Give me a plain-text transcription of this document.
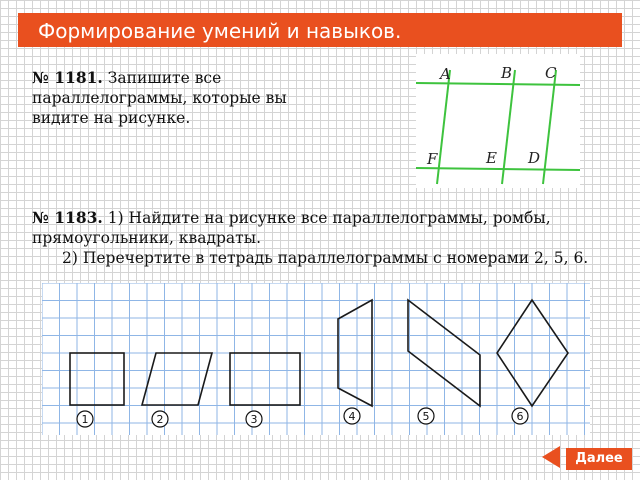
Формирование умений и навыков.
№ 1181. Запишите все параллелограммы, которые вы видите на рисунке.
A	B C
F	E D
№ 1183. 1) Найдите на рисунке все параллелограммы, ромбы, прямоугольники, квадраты.
2) Перечертите в тетрадь параллелограммы с номерами 2, 5, 6.
1	2	3	4	5	6
Далее
